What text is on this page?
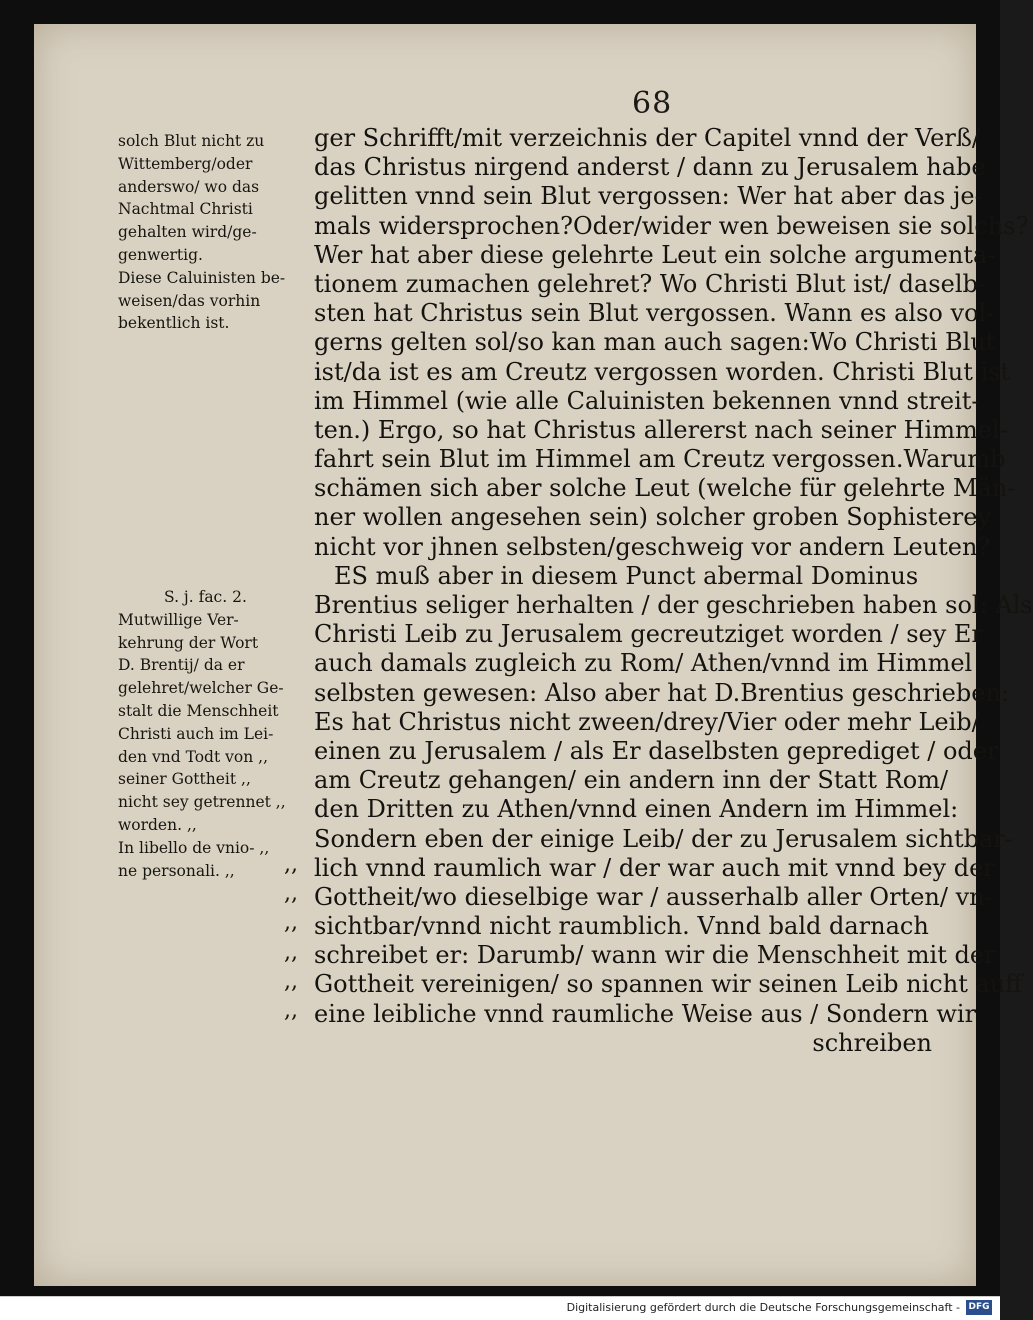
68
solch Blut nicht zu
Wittemberg/oder
anderswo/ wo das
Nachtmal Christi
gehalten wird/ge-
genwertig.
Diese Caluinisten be-
weisen/das vorhin
bekentlich ist.
S. j. fac. 2.
Mutwillige Ver-
kehrung der Wort
D. Brentij/ da er
gelehret/welcher Ge-
stalt die Menschheit
Christi auch im Lei-
den vnd Todt von ,,
seiner Gottheit ,,
nicht sey getrennet ,,
worden. ,,
In libello de vnio- ,,
ne personali. ,,
ger Schrifft/mit verzeichnis der Capitel vnnd der Verß/
das Christus nirgend anderst / dann zu Jerusalem habe
gelitten vnnd sein Blut vergossen: Wer hat aber das je-
mals widersprochen?Oder/wider wen beweisen sie solchs?
Wer hat aber diese gelehrte Leut ein solche argumenta-
tionem zumachen gelehret? Wo Christi Blut ist/ daselb-
sten hat Christus sein Blut vergossen. Wann es also vol-
gerns gelten sol/so kan man auch sagen:Wo Christi Blut
ist/da ist es am Creutz vergossen worden. Christi Blut ist
im Himmel (wie alle Caluinisten bekennen vnnd streit-
ten.) Ergo, so hat Christus allererst nach seiner Himmel-
fahrt sein Blut im Himmel am Creutz vergossen.Warumb
schämen sich aber solche Leut (welche für gelehrte Män-
ner wollen angesehen sein) solcher groben Sophisterey
nicht vor jhnen selbsten/geschweig vor andern Leuten?
ES muß aber in diesem Punct abermal Dominus
Brentius seliger herhalten / der geschrieben haben sol: Als
Christi Leib zu Jerusalem gecreutziget worden / sey Er
auch damals zugleich zu Rom/ Athen/vnnd im Himmel
selbsten gewesen: Also aber hat D.Brentius geschrieben:
Es hat Christus nicht zween/drey/Vier oder mehr Leib/
einen zu Jerusalem / als Er daselbsten geprediget / oder
am Creutz gehangen/ ein andern inn der Statt Rom/
den Dritten zu Athen/vnnd einen Andern im Himmel:
Sondern eben der einige Leib/ der zu Jerusalem sichtbar-
lich vnnd raumlich war / der war auch mit vnnd bey der
Gottheit/wo dieselbige war / ausserhalb aller Orten/ vn-
sichtbar/vnnd nicht raumblich. Vnnd bald darnach
schreibet er: Darumb/ wann wir die Menschheit mit der
Gottheit vereinigen/ so spannen wir seinen Leib nicht auff
eine leibliche vnnd raumliche Weise aus / Sondern wir
schreiben
,,
,,
,,
,,
,,
,,
Digitalisierung gefördert durch die Deutsche Forschungsgemeinschaft - DFG
